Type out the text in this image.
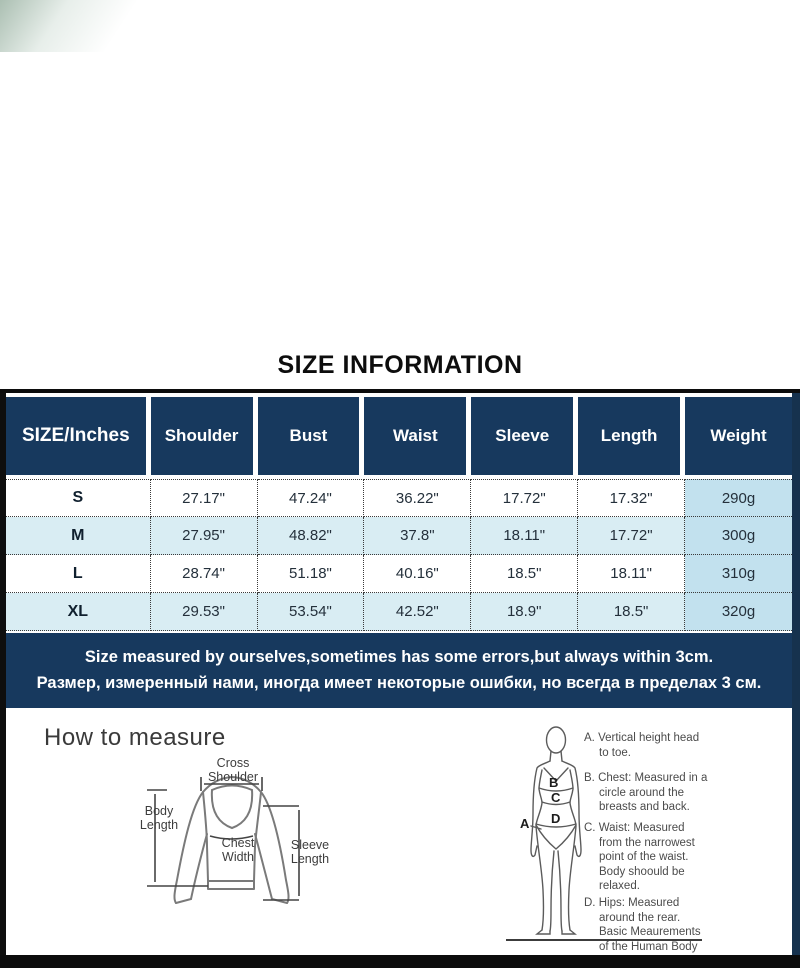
SIZE INFORMATION
SIZE/Inches	Shoulder	Bust	Waist	Sleeve	Length	Weight
S	27.17"	47.24"	36.22"	17.72"	17.32"	290g
M	27.95"	48.82"	37.8"	18.11"	17.72"	300g
L	28.74"	51.18"	40.16"	18.5"	18.11"	310g
XL	29.53"	53.54"	42.52"	18.9"	18.5"	320g
Size measured by ourselves,sometimes has some errors,but always within 3cm.
Размер, измеренный нами, иногда имеет некоторые ошибки, но всегда в пределах 3 см.
How to measure
Cross
Shoulder
Body
Length
Chest
Width
Sleeve
Length
A
B
C
D
A. Vertical height head to toe.
B. Chest: Measured in a circle around the breasts and back.
C. Waist: Measured from the narrowest point of the waist. Body shoould be relaxed.
D. Hips: Measured around the rear. Basic Meaurements of the Human Body
